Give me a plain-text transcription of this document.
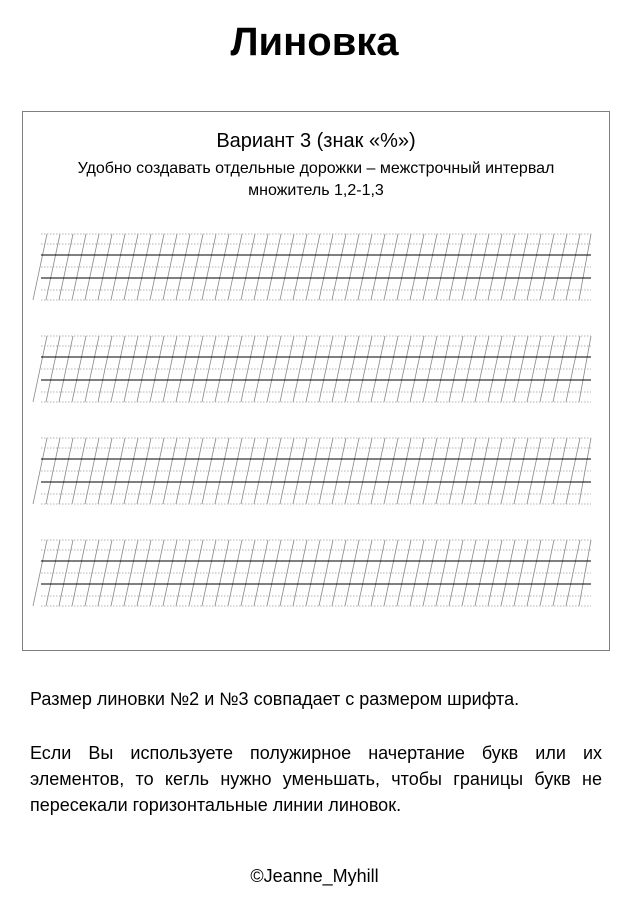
Линовка
Вариант 3 (знак «%»)
Удобно создавать отдельные дорожки – межстрочный интервал
множитель 1,2-1,3

Размер линовки №2 и №3 совпадает с размером шрифта.

Если Вы используете полужирное начертание букв или их элементов, то кегль нужно уменьшать, чтобы границы букв не пересекали горизонтальные линии линовок.

©Jeanne_Myhill
